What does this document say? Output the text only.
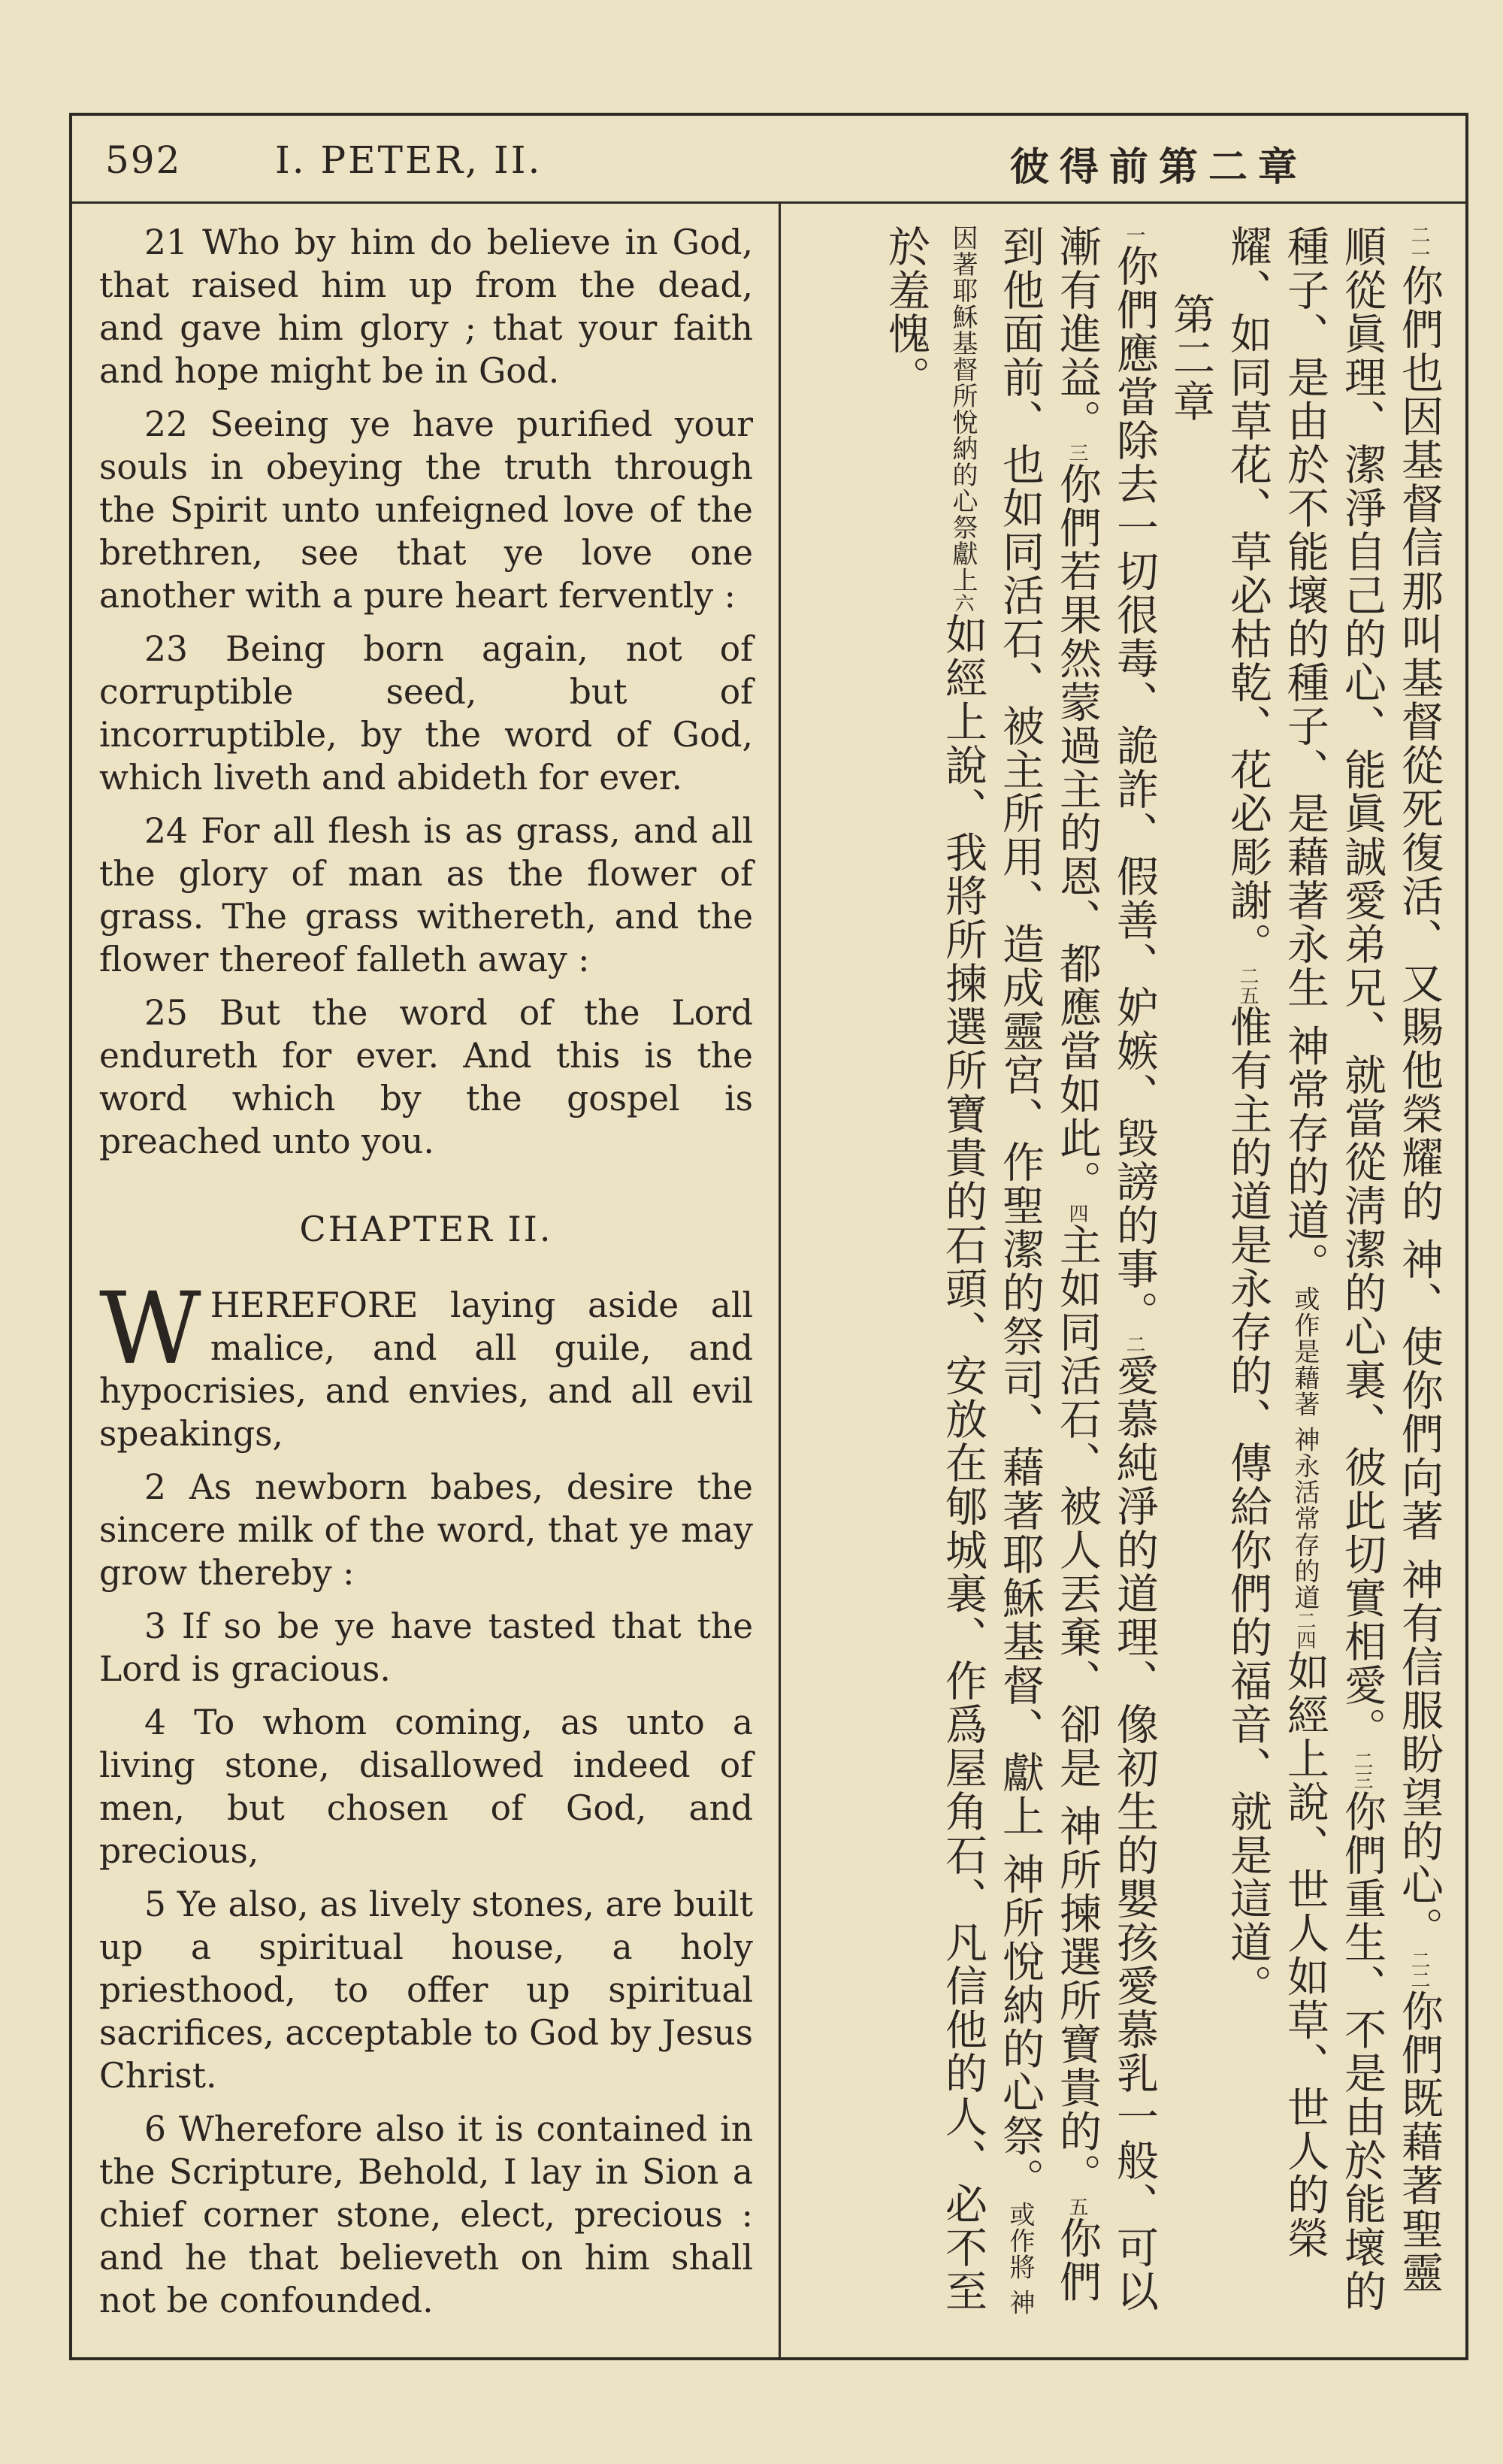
592 I. PETER, II.	彼得前第二章

21 Who by him do believe in God, that raised him up from the dead, and gave him glory ; that your faith and hope might be in God.

22 Seeing ye have purified your souls in obeying the truth through the Spirit unto unfeigned love of the brethren, see that ye love one another with a pure heart fervently :

23 Being born again, not of corruptible seed, but of incorruptible, by the word of God, which liveth and abideth for ever.

24 For all flesh is as grass, and all the glory of man as the flower of grass. The grass withereth, and the flower thereof falleth away :

25 But the word of the Lord endureth for ever. And this is the word which by the gospel is preached unto you.

CHAPTER II.

WHEREFORE laying aside all malice, and all guile, and hypocrisies, and envies, and all evil speakings,

2 As newborn babes, desire the sincere milk of the word, that ye may grow thereby :

3 If so be ye have tasted that the Lord is gracious.

4 To whom coming, as unto a living stone, disallowed indeed of men, but chosen of God, and precious,

5 Ye also, as lively stones, are built up a spiritual house, a holy priesthood, to offer up spiritual sacrifices, acceptable to God by Jesus Christ.

6 Wherefore also it is contained in the Scripture, Behold, I lay in Sion a chief corner stone, elect, precious : and he that believeth on him shall not be confounded.

二一你們也因基督信那叫基督從死復活、又賜他榮耀的 神、使你們向著 神有信服盼望的心。二二你們既藉著聖靈順從眞理、潔淨自己的心、能眞誠愛弟兄、就當從淸潔的心裏、彼此切實相愛。二三你們重生、不是由於能壞的種子、是由於不能壞的種子、是藉著永生 神常存的道。或作是藉著 神永活常存的道二四如經上說、世人如草、世人的榮耀、如同草花、草必枯乾、花必彫謝。二五惟有主的道是永存的、傳給你們的福音、就是這道。

第二章

一你們應當除去一切很毒、詭詐、假善、妒嫉、毀謗的事。二愛慕純淨的道理、像初生的嬰孩愛慕乳一般、可以漸有進益。三你們若果然蒙過主的恩、都應當如此。四主如同活石、被人丟棄、卻是 神所揀選所寶貴的。五你們到他面前、也如同活石、被主所用、造成靈宮、作聖潔的祭司、藉著耶穌基督、獻上 神所悅納的心祭。或作將 神因著耶穌基督所悅納的心祭獻上六如經上說、我將所揀選所寶貴的石頭、安放在郇城裏、作爲屋角石、凡信他的人、必不至於羞愧。
